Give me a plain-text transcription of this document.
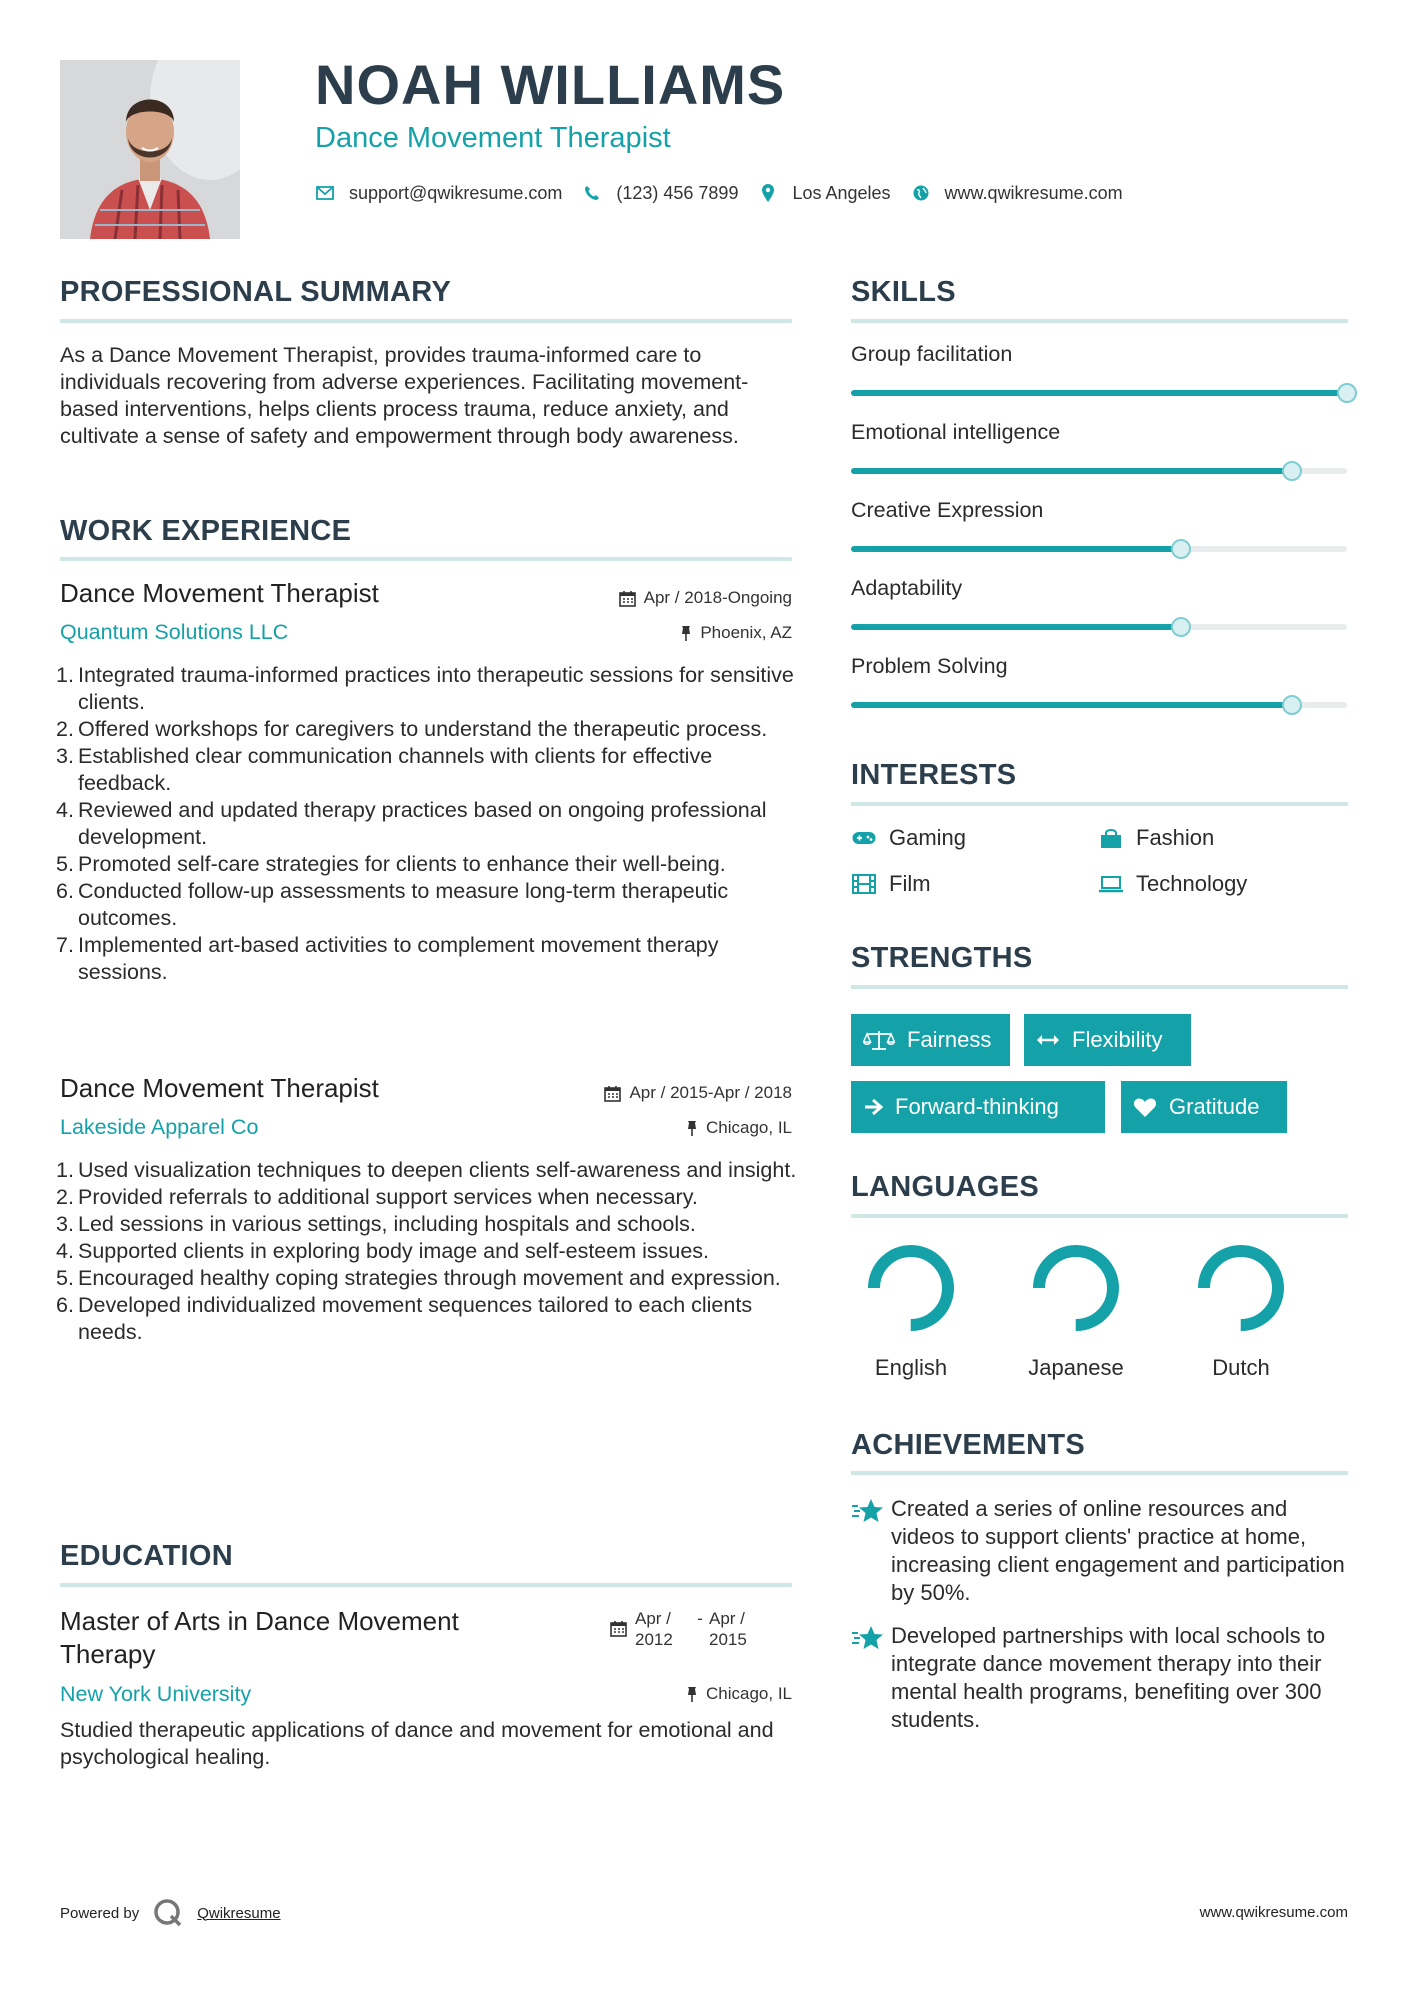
NOAH WILLIAMS
Dance Movement Therapist
support@qwikresume.com	(123) 456 7899	Los Angeles	www.qwikresume.com
PROFESSIONAL SUMMARY

As a Dance Movement Therapist, provides trauma-informed care to individuals recovering from adverse experiences. Facilitating movement-based interventions, helps clients process trauma, reduce anxiety, and cultivate a sense of safety and empowerment through body awareness.

WORK EXPERIENCE
Dance Movement Therapist
Quantum Solutions LLC
Apr / 2018-Ongoing
Phoenix, AZ
1. Integrated trauma-informed practices into therapeutic sessions for sensitive clients.
2. Offered workshops for caregivers to understand the therapeutic process.
3. Established clear communication channels with clients for effective feedback.
4. Reviewed and updated therapy practices based on ongoing professional development.
5. Promoted self-care strategies for clients to enhance their well-being.
6. Conducted follow-up assessments to measure long-term therapeutic outcomes.
7. Implemented art-based activities to complement movement therapy sessions.
Dance Movement Therapist
Lakeside Apparel Co
Apr / 2015-Apr / 2018
Chicago, IL
1. Used visualization techniques to deepen clients self-awareness and insight.
2. Provided referrals to additional support services when necessary.
3. Led sessions in various settings, including hospitals and schools.
4. Supported clients in exploring body image and self-esteem issues.
5. Encouraged healthy coping strategies through movement and expression.
6. Developed individualized movement sequences tailored to each clients needs.
EDUCATION
Master of Arts in Dance Movement Therapy
New York University
Apr / 2012
- Apr / 2015
Chicago, IL

Studied therapeutic applications of dance and movement for emotional and psychological healing.

SKILLS
Group facilitation
Emotional intelligence
Creative Expression
Adaptability
Problem Solving
INTERESTS
Gaming	Fashion
Film	Technology
STRENGTHS
Fairness	Flexibility
Forward-thinking	Gratitude
LANGUAGES
English	Japanese	Dutch
ACHIEVEMENTS
Created a series of online resources and videos to support clients' practice at home, increasing client engagement and participation by 50%.
Developed partnerships with local schools to integrate dance movement therapy into their mental health programs, benefiting over 300 students.
Powered by	Qwikresume	www.qwikresume.com
